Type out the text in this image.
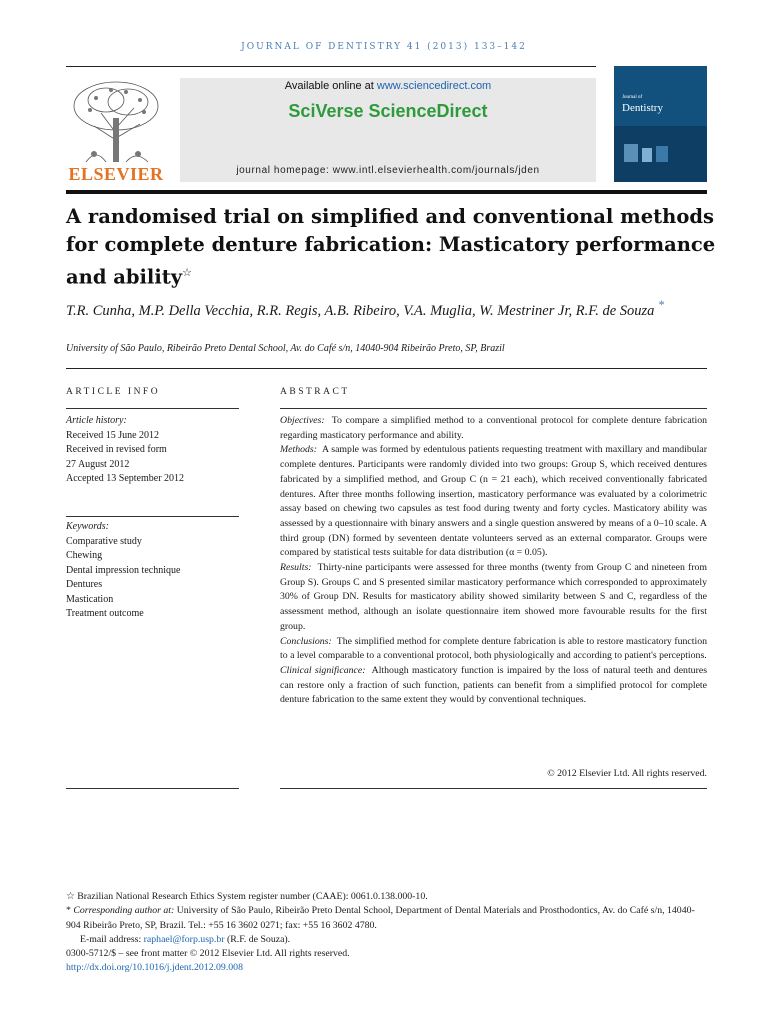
JOURNAL OF DENTISTRY 41 (2013) 133–142
ELSEVIER
Available online at www.sciencedirect.com
SciVerse ScienceDirect
journal homepage: www.intl.elsevierhealth.com/journals/jden
Journal of
Dentistry
A randomised trial on simplified and conventional methods for complete denture fabrication: Masticatory performance and ability☆
T.R. Cunha, M.P. Della Vecchia, R.R. Regis, A.B. Ribeiro, V.A. Muglia, W. Mestriner Jr, R.F. de Souza *
University of São Paulo, Ribeirão Preto Dental School, Av. do Café s/n, 14040-904 Ribeirão Preto, SP, Brazil
ARTICLE INFO
Article history:
Received 15 June 2012
Received in revised form
27 August 2012
Accepted 13 September 2012
Keywords:
Comparative study
Chewing
Dental impression technique
Dentures
Mastication
Treatment outcome
ABSTRACT

Objectives: To compare a simplified method to a conventional protocol for complete denture fabrication regarding masticatory performance and ability.

Methods: A sample was formed by edentulous patients requesting treatment with maxillary and mandibular complete dentures. Participants were randomly divided into two groups: Group S, which received dentures fabricated by a simplified method, and Group C (n = 21 each), which received conventionally fabricated dentures. After three months following insertion, masticatory performance was evaluated by a colorimetric assay based on chewing two capsules as test food during twenty and forty cycles. Masticatory ability was assessed by a questionnaire with binary answers and a single question answered by means of a 0–10 scale. A third group (DN) formed by seventeen dentate volunteers served as an external comparator. Groups were compared by statistical tests suitable for data distribution (α = 0.05).

Results: Thirty-nine participants were assessed for three months (twenty from Group C and nineteen from Group S). Groups C and S presented similar masticatory performance which corresponded to approximately 30% of Group DN. Results for masticatory ability showed similarity between S and C, regardless of the assessment method, although an isolate questionnaire item showed more favourable results for the first group.

Conclusions: The simplified method for complete denture fabrication is able to restore masticatory function to a level comparable to a conventional protocol, both physiologically and according to patient's perceptions.

Clinical significance: Although masticatory function is impaired by the loss of natural teeth and dentures can restore only a fraction of such function, patients can benefit from a simplified protocol for complete denture fabrication to the same extent they would by conventional techniques.

© 2012 Elsevier Ltd. All rights reserved.

☆ Brazilian National Research Ethics System register number (CAAE): 0061.0.138.000-10.

* Corresponding author at: University of São Paulo, Ribeirão Preto Dental School, Department of Dental Materials and Prosthodontics, Av. do Café s/n, 14040-904 Ribeirão Preto, SP, Brazil. Tel.: +55 16 3602 0271; fax: +55 16 3602 4780.

E-mail address: raphael@forp.usp.br (R.F. de Souza).

0300-5712/$ – see front matter © 2012 Elsevier Ltd. All rights reserved.

http://dx.doi.org/10.1016/j.jdent.2012.09.008
